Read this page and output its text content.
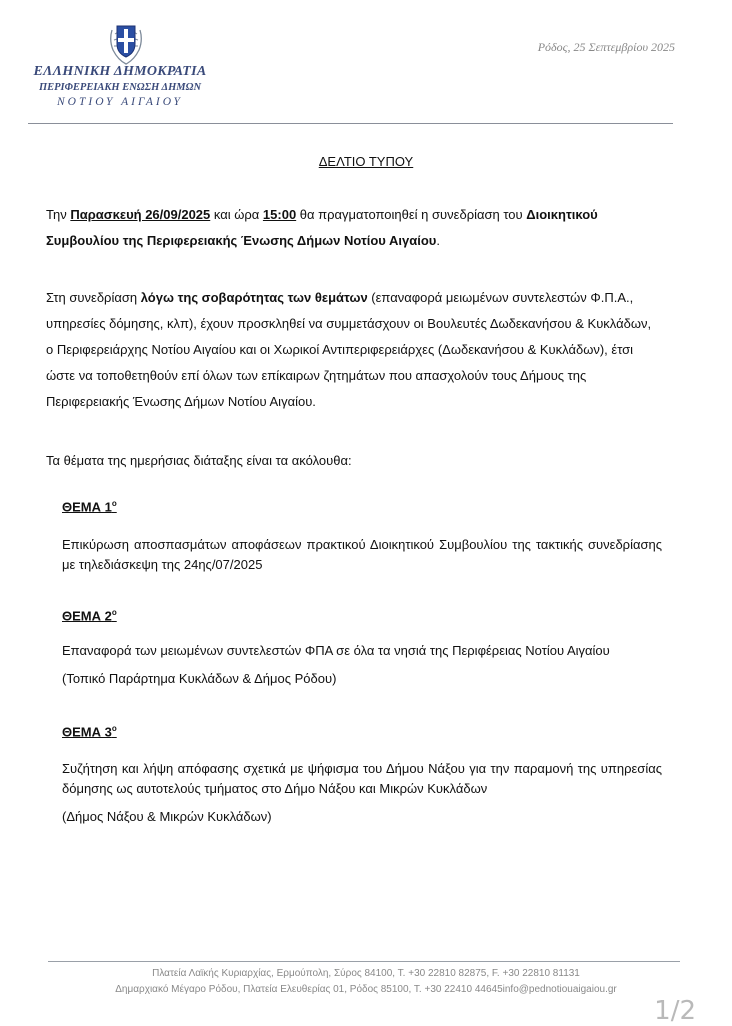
ΕΛΛΗΝΙΚΗ ΔΗΜΟΚΡΑΤΙΑ
ΠΕΡΙΦΕΡΕΙΑΚΗ ΕΝΩΣΗ ΔΗΜΩΝ
ΝΟΤΙΟΥ ΑΙΓΑΙΟΥ
Ρόδος, 25 Σεπτεμβρίου 2025
ΔΕΛΤΙΟ ΤΥΠΟΥ
Την Παρασκευή 26/09/2025 και ώρα 15:00 θα πραγματοποιηθεί η συνεδρίαση του Διοικητικού Συμβουλίου της Περιφερειακής Ένωσης Δήμων Νοτίου Αιγαίου.
Στη συνεδρίαση λόγω της σοβαρότητας των θεμάτων (επαναφορά μειωμένων συντελεστών Φ.Π.Α., υπηρεσίες δόμησης, κλπ), έχουν προσκληθεί να συμμετάσχουν οι Βουλευτές Δωδεκανήσου & Κυκλάδων, ο Περιφερειάρχης Νοτίου Αιγαίου και οι Χωρικοί Αντιπεριφερειάρχες (Δωδεκανήσου & Κυκλάδων), έτσι ώστε να τοποθετηθούν επί όλων των επίκαιρων ζητημάτων που απασχολούν τους Δήμους της Περιφερειακής Ένωσης Δήμων Νοτίου Αιγαίου.
Τα θέματα της ημερήσιας διάταξης είναι τα ακόλουθα:
ΘΕΜΑ $1^o$
Επικύρωση αποσπασμάτων αποφάσεων πρακτικού Διοικητικού Συμβουλίου της τακτικής συνεδρίασης με τηλεδιάσκεψη της 24ης/07/2025
ΘΕΜΑ $2^o$
Επαναφορά των μειωμένων συντελεστών ΦΠΑ σε όλα τα νησιά της Περιφέρειας Νοτίου Αιγαίου
(Τοπικό Παράρτημα Κυκλάδων & Δήμος Ρόδου)
ΘΕΜΑ $3^o$
Συζήτηση και λήψη απόφασης σχετικά με ψήφισμα του Δήμου Νάξου για την παραμονή της υπηρεσίας δόμησης ως αυτοτελούς τμήματος στο Δήμο Νάξου και Μικρών Κυκλάδων
(Δήμος Νάξου & Μικρών Κυκλάδων)
Πλατεία Λαϊκής Κυριαρχίας, Ερμούπολη, Σύρος 84100, Τ. +30 22810 82875, F. +30 22810 81131
Δημαρχιακό Μέγαρο Ρόδου, Πλατεία Ελευθερίας 01, Ρόδος 85100, Τ. +30 22410 44645info@pednotiouaigaiou.gr
1/2
